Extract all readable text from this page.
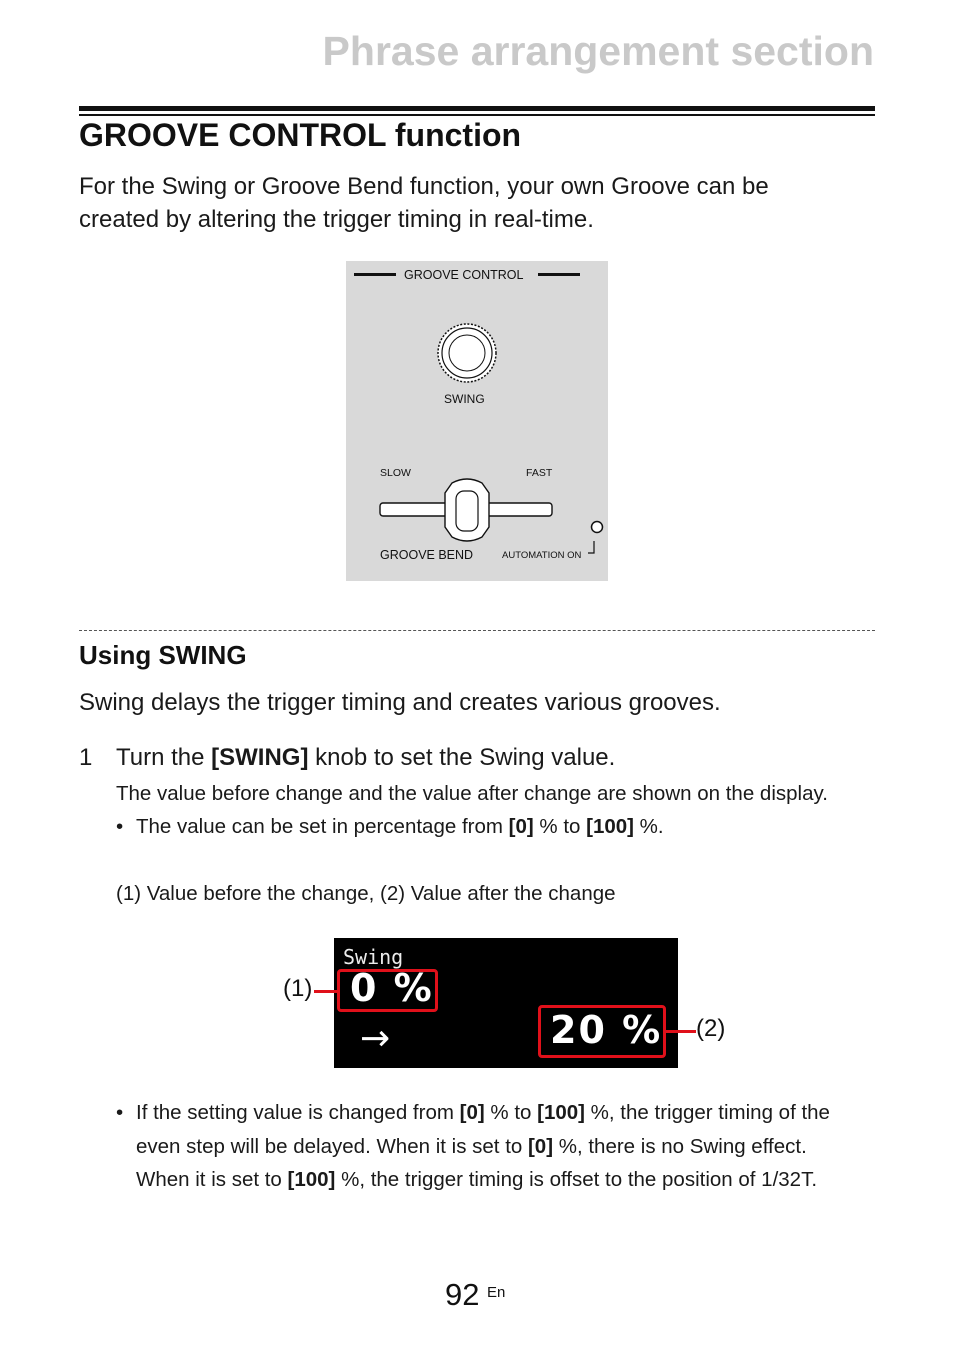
Phrase arrangement section
GROOVE CONTROL function
For the Swing or Groove Bend function, your own Groove can be
created by altering the trigger timing in real-time.
GROOVE CONTROL
SWING
SLOW	FAST
GROOVE BEND	AUTOMATION ON
Using SWING
Swing delays the trigger timing and creates various grooves.
1 Turn the [SWING] knob to set the Swing value.
The value before change and the value after change are shown on the display.
• The value can be set in percentage from [0] % to [100] %.
(1) Value before the change, (2) Value after the change
Swing
0 %
→	20 %
(1)
(2)
• If the setting value is changed from [0] % to [100] %, the trigger timing of the
even step will be delayed. When it is set to [0] %, there is no Swing effect.
When it is set to [100] %, the trigger timing is offset to the position of 1/32T.
92 En
